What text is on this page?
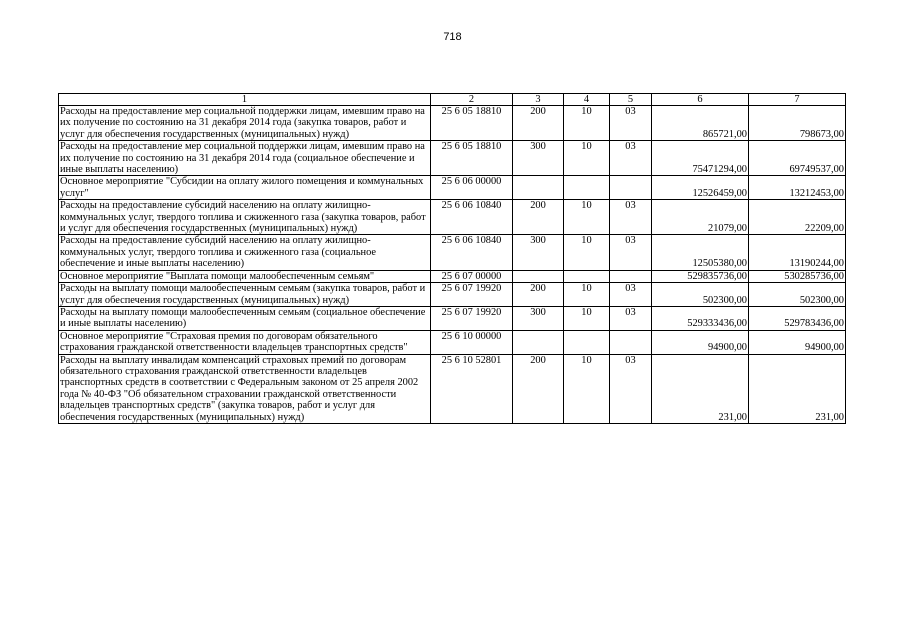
718
1	2	3	4	5	6	7
Расходы на предоставление мер социальной поддержки лицам, имевшим право на их получение по состоянию на 31 декабря 2014 года (закупка товаров, работ и услуг для обеспечения государственных (муниципальных) нужд)	25 6 05 18810	200	10	03	865721,00	798673,00
Расходы на предоставление мер социальной поддержки лицам, имевшим право на их получение по состоянию на 31 декабря 2014 года (социальное обеспечение и иные выплаты населению)	25 6 05 18810	300	10	03	75471294,00	69749537,00
Основное мероприятие "Субсидии на оплату жилого помещения и коммунальных услуг"	25 6 06 00000				12526459,00	13212453,00
Расходы на предоставление субсидий населению на оплату жилищно-коммунальных услуг, твердого топлива и сжиженного газа (закупка товаров, работ и услуг для обеспечения государственных (муниципальных) нужд)	25 6 06 10840	200	10	03	21079,00	22209,00
Расходы на предоставление субсидий населению на оплату жилищно-коммунальных услуг, твердого топлива и сжиженного газа (социальное обеспечение и иные выплаты населению)	25 6 06 10840	300	10	03	12505380,00	13190244,00
Основное мероприятие "Выплата помощи малообеспеченным семьям"	25 6 07 00000				529835736,00	530285736,00
Расходы на выплату помощи малообеспеченным семьям (закупка товаров, работ и услуг для обеспечения государственных (муниципальных) нужд)	25 6 07 19920	200	10	03	502300,00	502300,00
Расходы на выплату помощи малообеспеченным семьям (социальное обеспечение и иные выплаты населению)	25 6 07 19920	300	10	03	529333436,00	529783436,00
Основное мероприятие "Страховая премия по договорам обязательного страхования гражданской ответственности владельцев транспортных средств"	25 6 10 00000				94900,00	94900,00
Расходы на выплату инвалидам компенсаций страховых премий по договорам обязательного страхования гражданской ответственности владельцев транспортных средств в соответствии с Федеральным законом от 25 апреля 2002 года № 40-ФЗ "Об обязательном страховании гражданской ответственности владельцев транспортных средств" (закупка товаров, работ и услуг для обеспечения государственных (муниципальных) нужд)	25 6 10 52801	200	10	03	231,00	231,00
